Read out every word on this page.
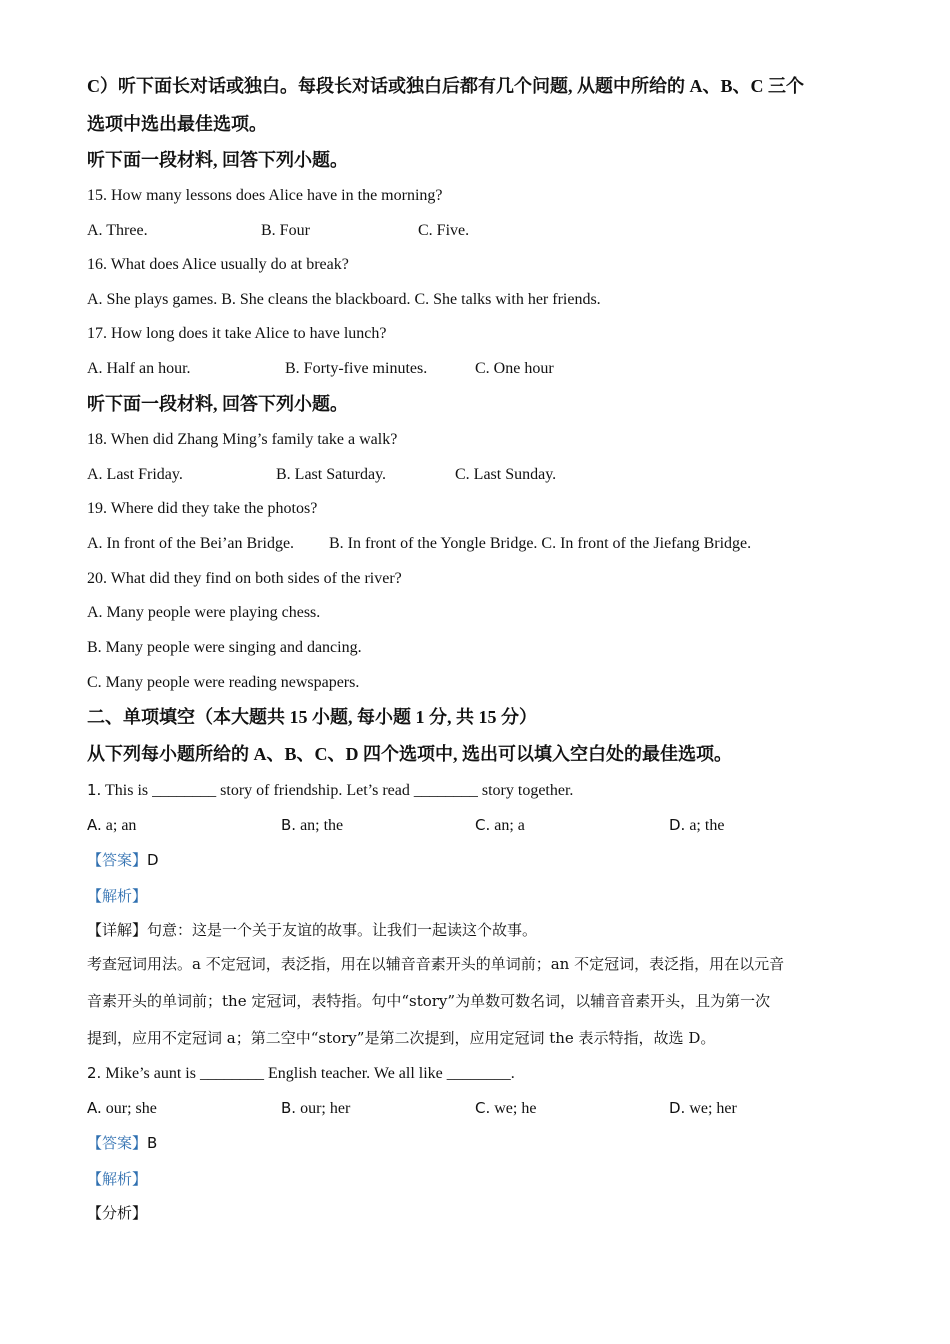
C）听下面长对话或独白。每段长对话或独白后都有几个问题, 从题中所给的 A、B、C 三个
选项中选出最佳选项。
听下面一段材料, 回答下列小题。
15. How many lessons does Alice have in the morning?
A. Three.	B. Four	C. Five.
16. What does Alice usually do at break?
A. She plays games. B. She cleans the blackboard. C. She talks with her friends.
17. How long does it take Alice to have lunch?
A. Half an hour.	B. Forty-five minutes.	C. One hour
听下面一段材料, 回答下列小题。
18. When did Zhang Ming’s family take a walk?
A. Last Friday.	B. Last Saturday.	C. Last Sunday.
19. Where did they take the photos?
A. In front of the Bei’an Bridge. B. In front of the Yongle Bridge. C. In front of the Jiefang Bridge.
20. What did they find on both sides of the river?
A. Many people were playing chess.
B. Many people were singing and dancing.
C. Many people were reading newspapers.
二、单项填空（本大题共 15 小题, 每小题 1 分, 共 15 分）
从下列每小题所给的 A、B、C、D 四个选项中, 选出可以填入空白处的最佳选项。
1. This is ________ story of friendship. Let’s read ________ story together.
A. a; an	B. an; the	C. an; a	D. a; the
【答案】D
【解析】
【详解】句意：这是一个关于友谊的故事。让我们一起读这个故事。
考查冠词用法。a 不定冠词，表泛指，用在以辅音音素开头的单词前；an 不定冠词，表泛指，用在以元音
音素开头的单词前；the 定冠词，表特指。句中“story”为单数可数名词，以辅音音素开头，且为第一次
提到，应用不定冠词 a；第二空中“story”是第二次提到，应用定冠词 the 表示特指，故选 D。
2. Mike’s aunt is ________ English teacher. We all like ________.
A. our; she	B. our; her	C. we; he	D. we; her
【答案】B
【解析】
【分析】
